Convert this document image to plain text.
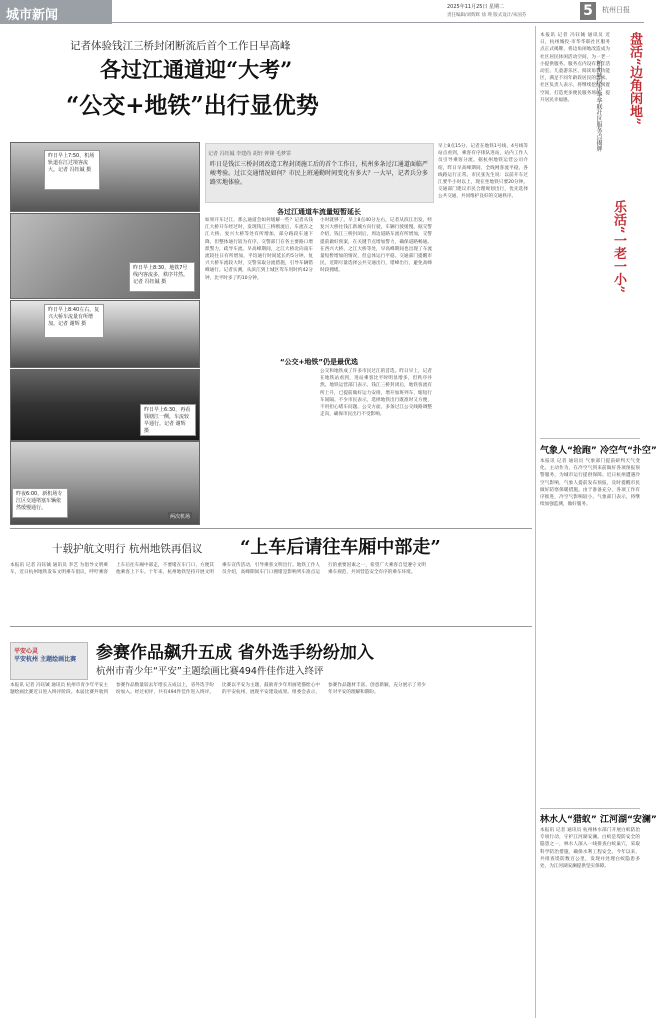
城市新闻
2025年11月25日 星期二
责任编辑/刘辉辉 徐 瑛 版式设计/朱国芬	5	杭州日报
记者体验钱江三桥封闭断流后首个工作日早高峰
各过江通道迎“大考”
“公交+地铁”出行显优势
昨日早上7:50，机场轨道在江过境客流大。记者 冯钰铖 摄
昨日早上8:30，地铁7号线内客流多，秩序井然。记者 冯钰铖 摄
昨日早上8:40左右，复兴大桥车流量有所增加。记者 谢辉 摄
昨日早上6:30，再看钱塘江一侧，车流较早通行。记者 谢辉 摄
昨夜6:00，新机场专江区交通堵塞车辆依然缓慢通行。
两次机场
记者 冯钰铖 李建尚 胡轩 钟锋 毛梦霏
昨日是钱江三桥封闭改造工程封闭施工后的首个工作日，杭州多条过江通道面临严峻考验。过江交通情况如何？市民上班通勤时间变化有多大？一大早，记者兵分多路实地体验。
各过江通道车流量短暂延长
如果开车过江，那么通道会如何缓解一些？记者从钱江大桥开车经过时，发现钱江三桥断流后，车流在之江大桥、复兴大桥等处有所增加，部分路段车速下降，但整体通行较为有序。交警部门在各主要路口增派警力，疏导车流。早高峰期间，之江大桥北向南车流较往日有所增加，平均通行时间延长约5分钟。复兴大桥车流较大时，交警采取分流措施，引导车辆错峰通行。记者实测，从滨江到上城区驾车用时约42分钟，比平时多了约10分钟。
小时就够了。早上8点40分左右，记者从滨江出发，经复兴大桥往钱江新城方向行驶，车辆行驶缓慢。据交警介绍，钱江三桥封闭后，周边道路车流有所增加，交警提前做好预案，在关键节点增加警力，确保道路畅通。在西兴大桥、之江大桥等处，早高峰期间也出现了车流量短暂增加的情况，但总体运行平稳。交通部门提醒市民，近期尽量选择公共交通出行，错峰出行，避免高峰时段拥堵。
“公交+地铁”仍是最优选
公交和地铁成了许多市民过江的首选。昨日早上，记者在地铁站看到，进站乘客比平时明显增多，但秩序井然。地铁运营部门表示，钱江三桥封闭后，地铁客流有所上升，已提前做好运力安排，增开加班列车，缩短行车间隔。不少市民表示，选择地铁出行既准时又方便，不用担心堵车问题。公交方面，多条过江公交线路调整走向，确保市民出行不受影响。
早上8点15分，记者在地铁1号线、4号线等站点看到，乘客有序排队进站，站内工作人员引导乘客分流。据杭州地铁运营公司介绍，昨日早高峰期间，全线网客流平稳，各线路运行正常。市民张先生说：以前开车过江要半小时以上，现在坐地铁只要20分钟。交通部门建议市民合理规划出行，优先选择公共交通，共同维护良好的交通秩序。
十载护航文明行 杭州地铁再倡议 “上车后请往车厢中部走”
本报讯 记者 冯钰铖 通讯员 李艺 为倡导文明乘车，近日杭州地铁发布文明乘车倡议，呼吁乘客上车后往车厢中部走，不要堵在车门口，方便其他乘客上下车。十年来，杭州地铁坚持开展文明乘车宣传活动，引导乘客文明出行。地铁工作人员介绍，高峰期间车门口拥堵是影响列车准点运行的重要因素之一，希望广大乘客自觉遵守文明乘车规范，共同营造安全有序的乘车环境。
参赛作品飙升五成 省外选手纷纷加入
杭州市青少年“平安”主题绘画比赛494件佳作进入终评
平安心灵
平安杭州 主题绘画比赛
本报讯 记者 冯钰铖 通讯员 杭州市青少年平安主题绘画比赛近日进入终评阶段。本届比赛共收到参赛作品数量较去年增长五成以上，省外选手纷纷加入。经过初评，共有494件佳作进入终评。比赛以平安为主题，鼓励青少年用画笔描绘心中的平安杭州，展现平安建设成果。组委会表示，参赛作品题材丰富、创意新颖，充分展示了青少年对平安的理解和期盼。
本报讯 记者 冯钰铖 通讯员 近日，杭州城投·市华华联社区服务点正式揭牌，将边角闲地改造成为社区居民休闲活动空间，为一老一小提供服务。服务点内设有老年活动室、儿童游乐区、阅读角等功能区，满足不同年龄段居民的需求。社区负责人表示，将继续挖掘闲置空间，打造更多便民服务场所，提升居民幸福感。	盘活“边角闲地”
乐活“一老一小”
杭州城投·市华华联社区服务点揭牌
气象人“抢跑” 冷空气“扑空”
本报讯 记者 通讯员 气象部门提前研判天气变化，主动作为，在冷空气到来前做好各项预报预警服务，为城市运行提供保障。近日杭州遭遇冷空气影响，气象人提前发布预报，及时提醒市民做好防寒保暖措施。由于准备充分，各项工作有序推进，冷空气影响较小。气象部门表示，将继续加强监测，做好服务。
林水人“猎蚁” 江河湖“安澜”
本报讯 记者 通讯员 杭州林水部门开展白蚁防治专项行动，守护江河湖安澜。白蚁是堤防安全的隐患之一，林水人深入一线排查白蚁巢穴，采取科学防治措施，确保水利工程安全。今年以来，共排查堤防数百公里，发现并处理白蚁隐患多处，为江河湖安澜提供坚实保障。
